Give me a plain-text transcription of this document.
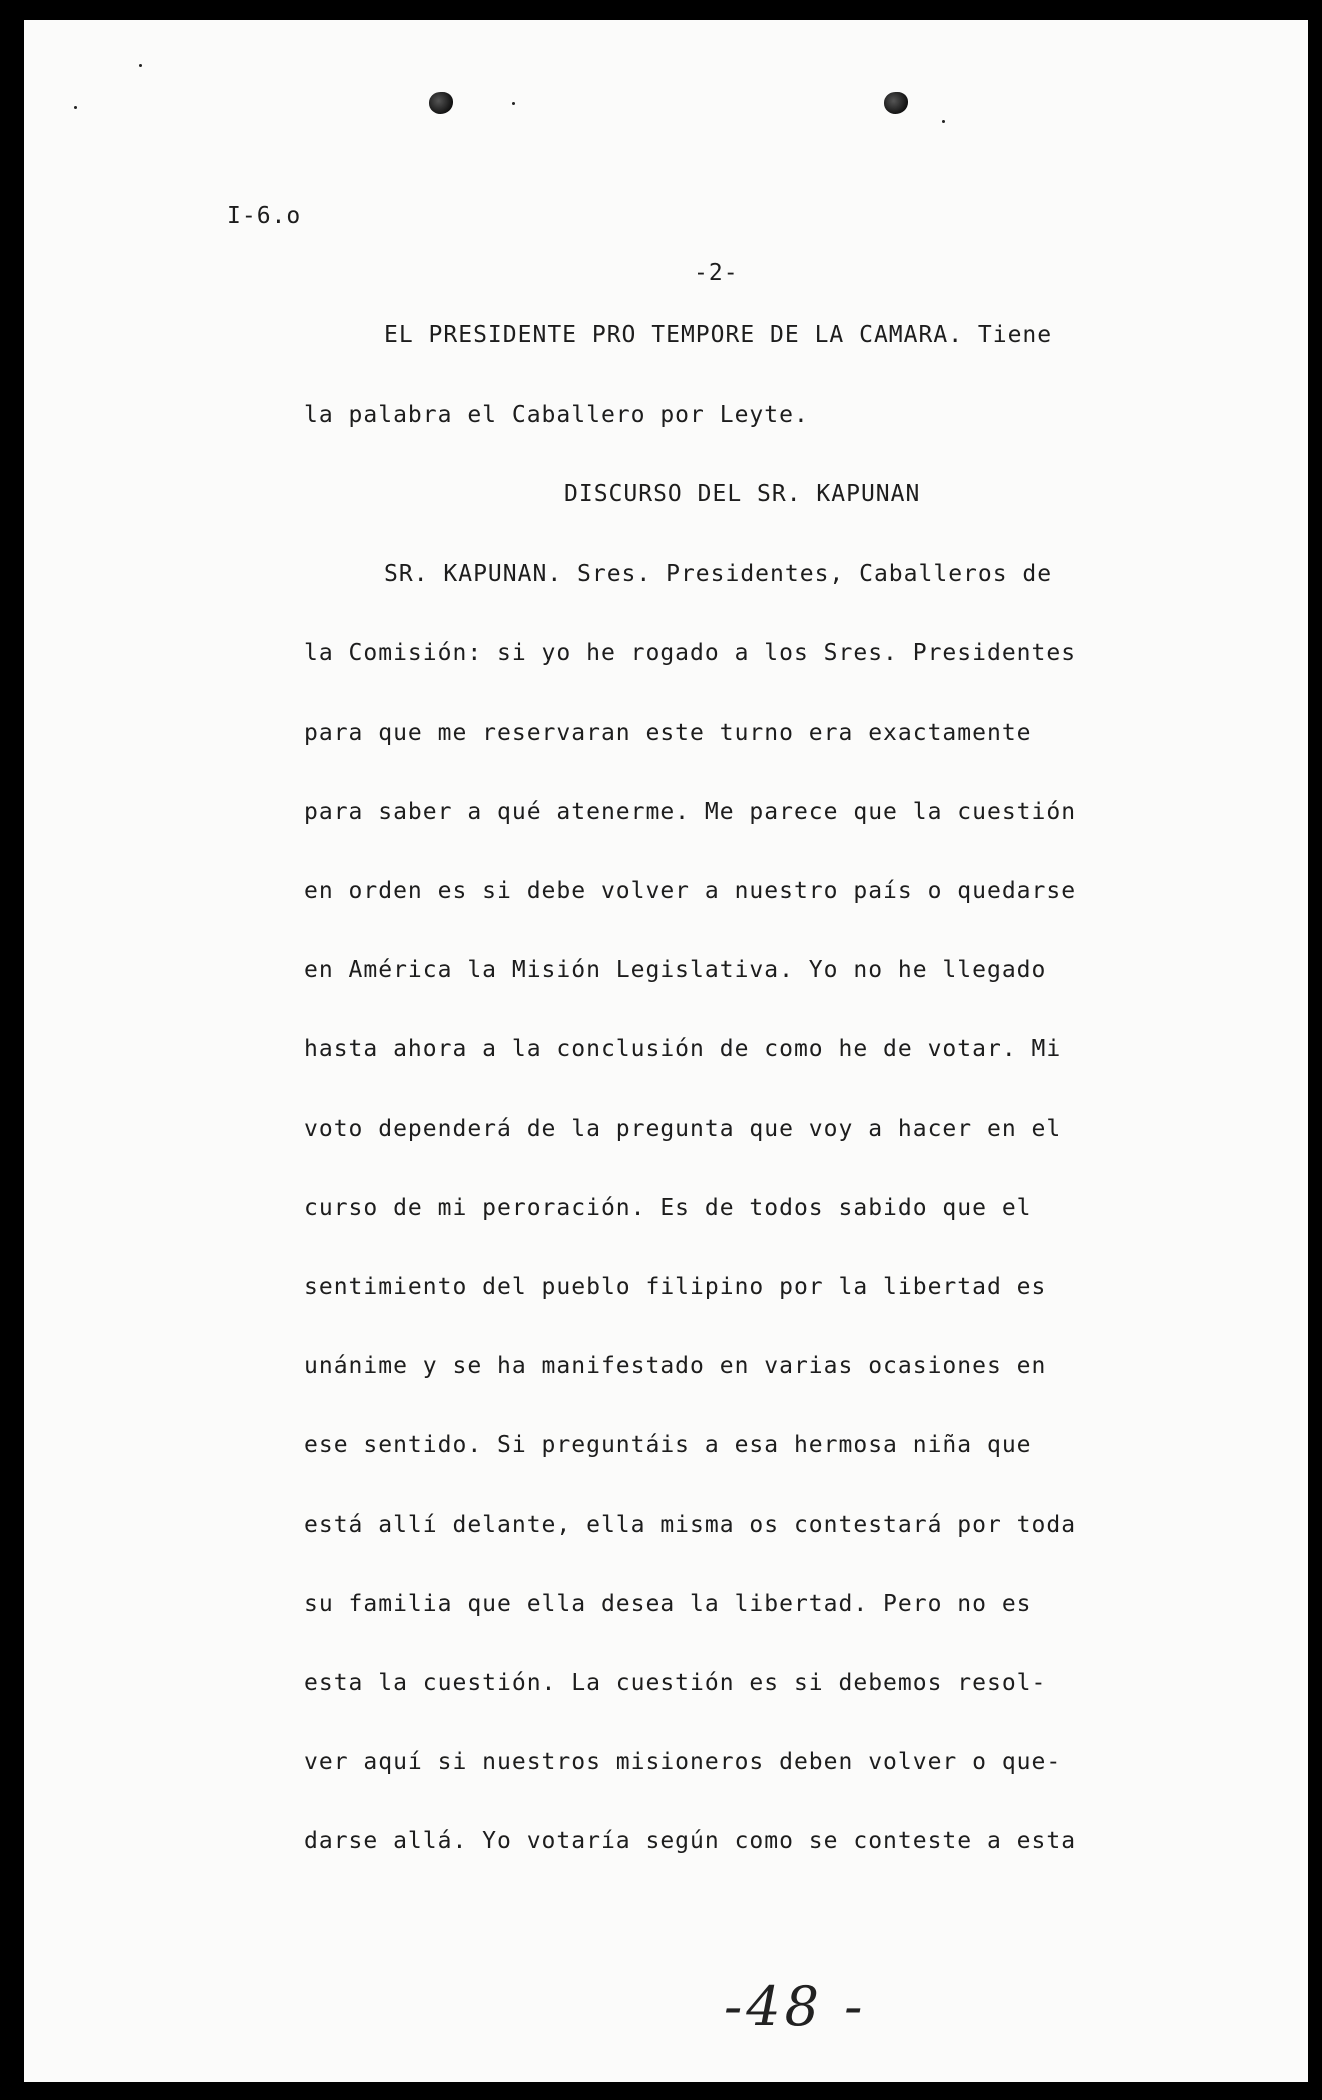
I-6.o
-2-
EL PRESIDENTE PRO TEMPORE DE LA CAMARA. Tiene
la palabra el Caballero por Leyte.
DISCURSO DEL SR. KAPUNAN
SR. KAPUNAN. Sres. Presidentes, Caballeros de
la Comisión: si yo he rogado a los Sres. Presidentes
para que me reservaran este turno era exactamente
para saber a qué atenerme. Me parece que la cuestión
en orden es si debe volver a nuestro país o quedarse
en América la Misión Legislativa. Yo no he llegado
hasta ahora a la conclusión de como he de votar. Mi
voto dependerá de la pregunta que voy a hacer en el
curso de mi peroración. Es de todos sabido que el
sentimiento del pueblo filipino por la libertad es
unánime y se ha manifestado en varias ocasiones en
ese sentido. Si preguntáis a esa hermosa niña que
está allí delante, ella misma os contestará por toda
su familia que ella desea la libertad. Pero no es
esta la cuestión. La cuestión es si debemos resol-
ver aquí si nuestros misioneros deben volver o que-
darse allá. Yo votaría según como se conteste a esta
-48 -
